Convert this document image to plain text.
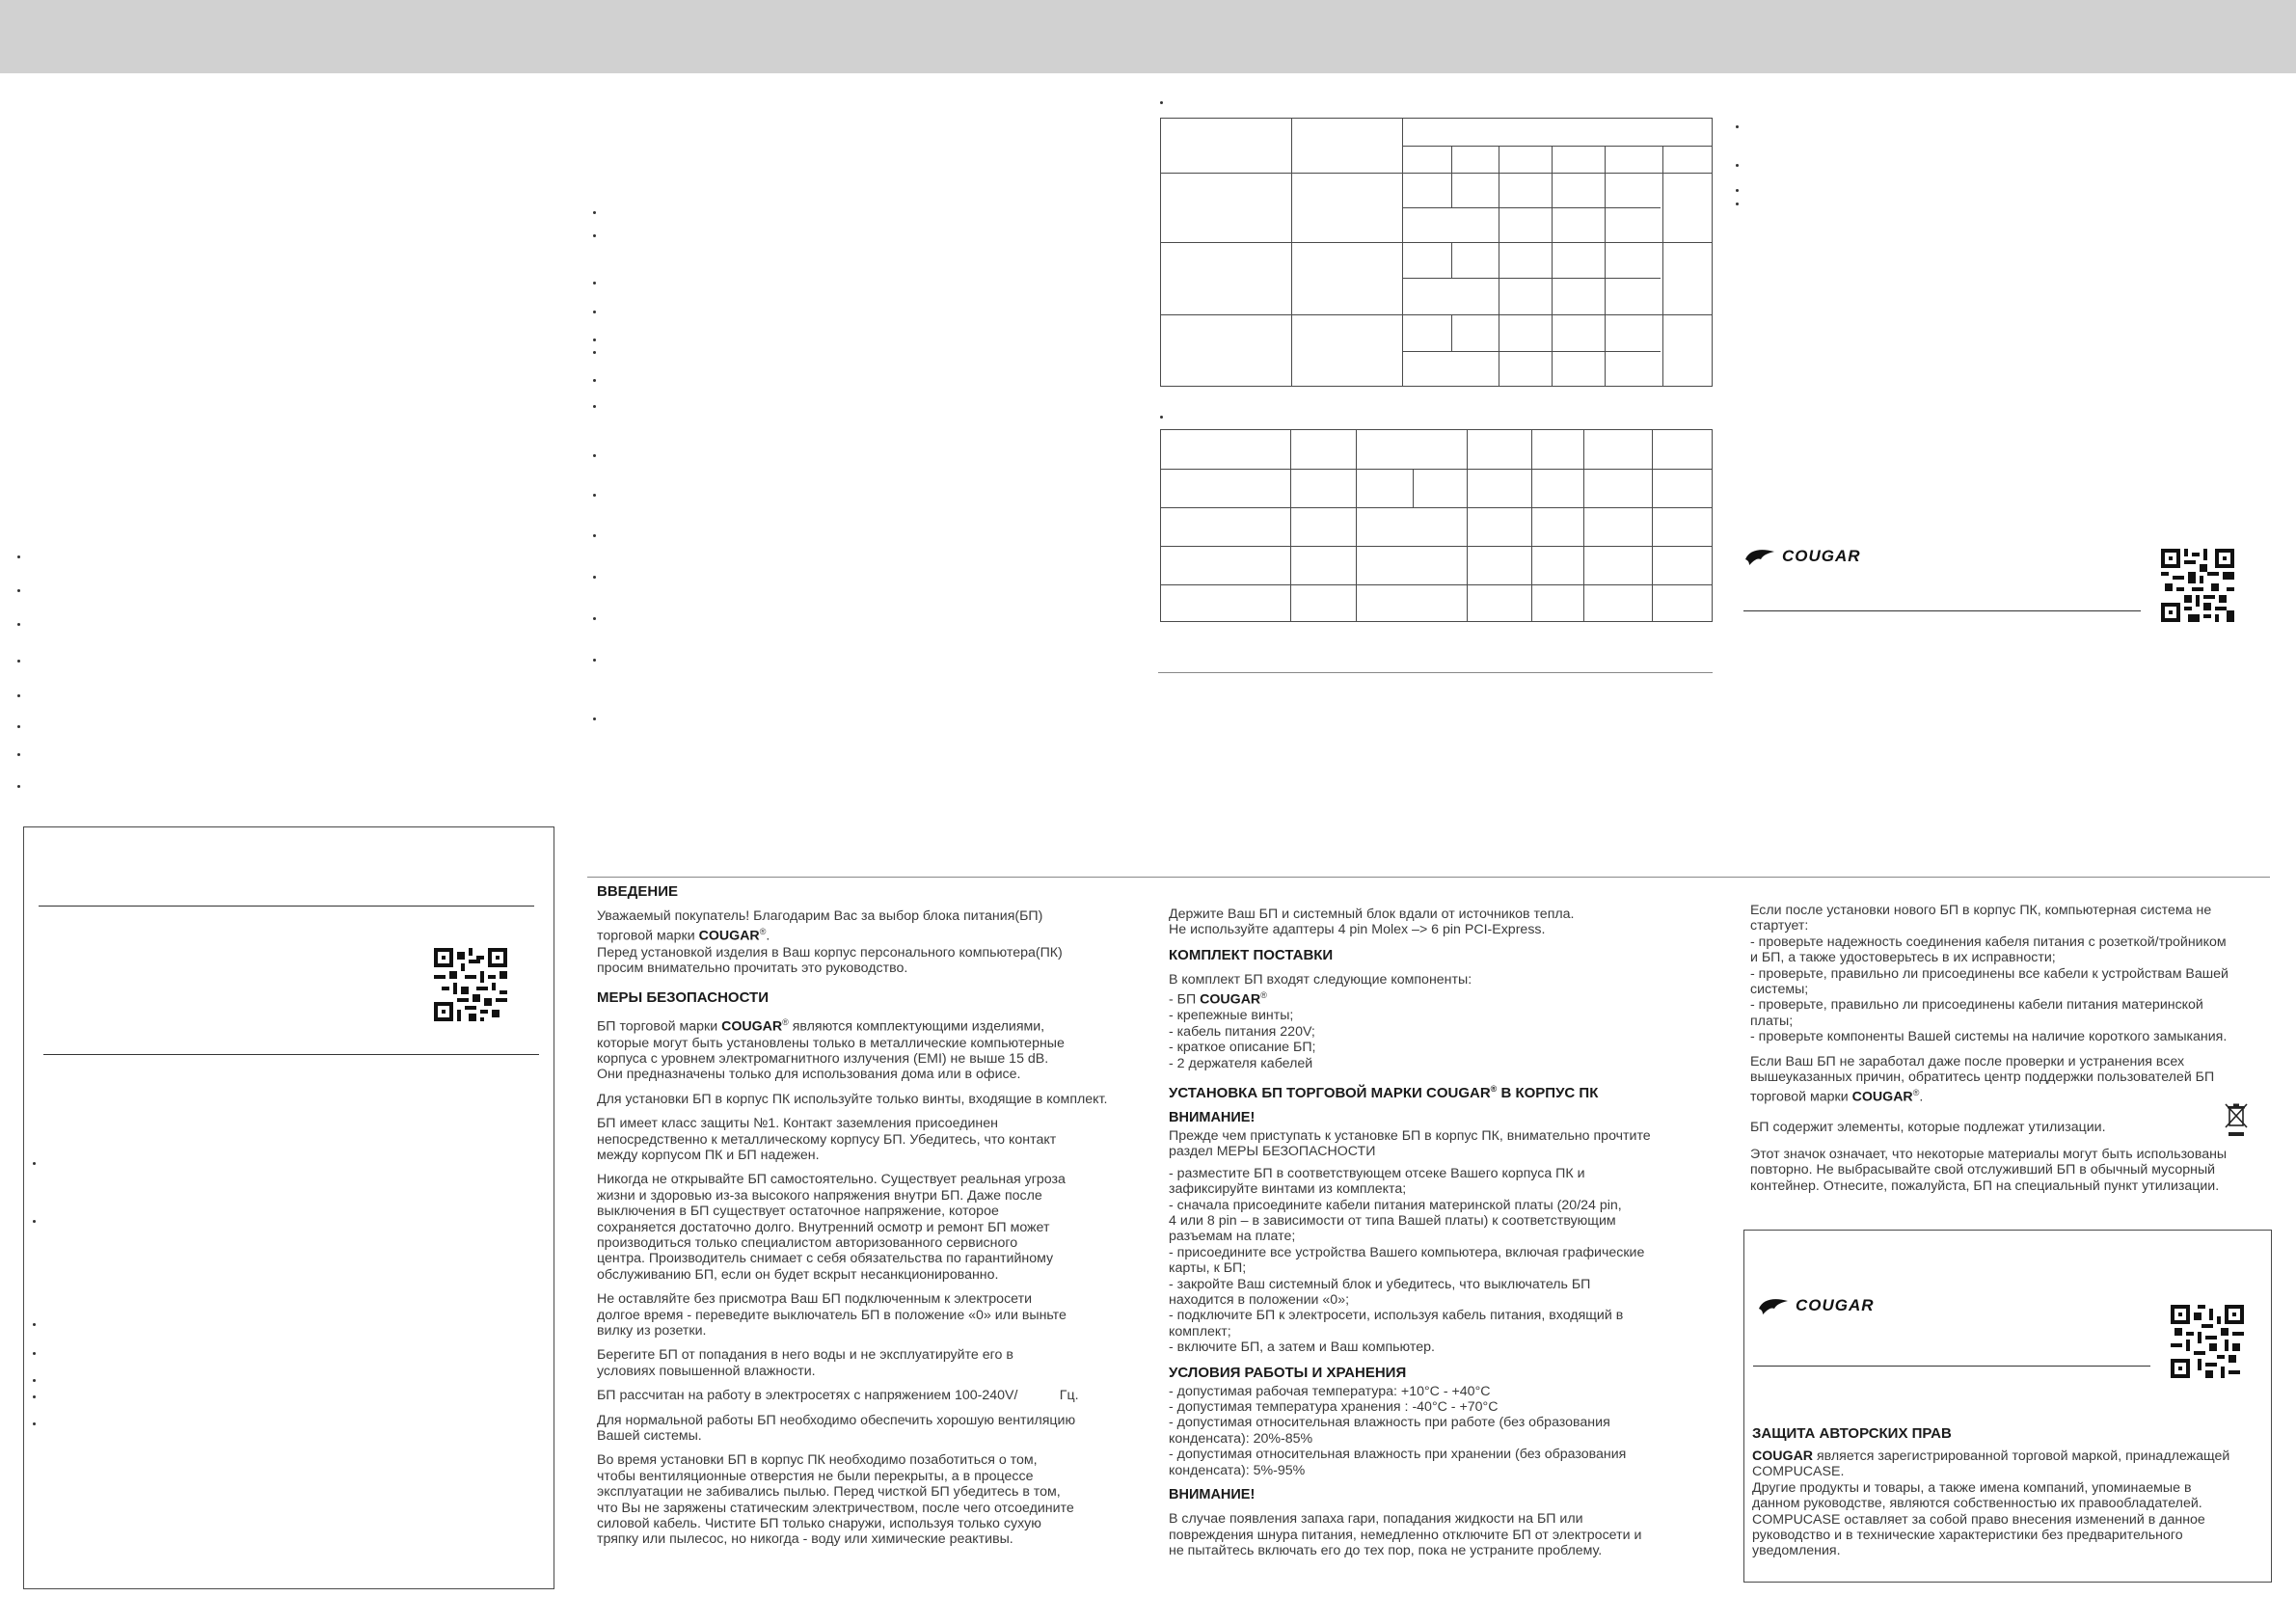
COUGAR
ВВЕДЕНИЕ

Уважаемый покупатель! Благодарим Вас за выбор блока питания(БП)
торговой марки COUGAR®.
Перед установкой изделия в Ваш корпус персонального компьютера(ПК)
просим внимательно прочитать это руководство.

МЕРЫ БЕЗОПАСНОСТИ

БП торговой марки COUGAR® являются комплектующими изделиями,
которые могут быть установлены только в металлические компьютерные
корпуса с уровнем электромагнитного излучения (EMI) не выше 15 dB.
Они предназначены только для использования дома или в офисе.

Для установки БП в корпус ПК используйте только винты, входящие в комплект.

БП имеет класс защиты №1. Контакт заземления присоединен
непосредственно к металлическому корпусу БП. Убедитесь, что контакт
между корпусом ПК и БП надежен.

Никогда не открывайте БП самостоятельно. Существует реальная угроза
жизни и здоровью из-за высокого напряжения внутри БП. Даже после
выключения в БП существует остаточное напряжение, которое
сохраняется достаточно долго. Внутренний осмотр и ремонт БП может
производиться только специалистом авторизованного сервисного
центра. Производитель снимает с себя обязательства по гарантийному
обслуживанию БП, если он будет вскрыт несанкционированно.

Не оставляйте без присмотра Ваш БП подключенным к электросети
долгое время - переведите выключатель БП в положение «0» или выньте
вилку из розетки.

Берегите БП от попадания в него воды и не эксплуатируйте его в
условиях повышенной влажности.

БП рассчитан на работу в электросетях с напряжением 100-240V/	Гц.

Для нормальной работы БП необходимо обеспечить хорошую вентиляцию
Вашей системы.

Во время установки БП в корпус ПК необходимо позаботиться о том,
чтобы вентиляционные отверстия не были перекрыты, а в процессе
эксплуатации не забивались пылью. Перед чисткой БП убедитесь в том,
что Вы не заряжены статическим электричеством, после чего отсоедините
силовой кабель. Чистите БП только снаружи, используя только сухую
тряпку или пылесос, но никогда - воду или химические реактивы.

Держите Ваш БП и системный блок вдали от источников тепла.
Не используйте адаптеры 4 pin Molex –> 6 pin PCI-Express.

КОМПЛЕКТ ПОСТАВКИ
В комплект БП входят следующие компоненты:
- БП COUGAR®
- крепежные винты;
- кабель питания 220V;
- краткое описание БП;
- 2 держателя кабелей
УСТАНОВКА БП ТОРГОВОЙ МАРКИ COUGAR® В КОРПУС ПК
ВНИМАНИЕ!

Прежде чем приступать к установке БП в корпус ПК, внимательно прочтите
раздел МЕРЫ БЕЗОПАСНОСТИ

- разместите БП в соответствующем отсеке Вашего корпуса ПК и
зафиксируйте винтами из комплекта;
- сначала присоедините кабели питания материнской платы (20/24 pin,
4 или 8 pin – в зависимости от типа Вашей платы) к соответствующим
разъемам на плате;
- присоедините все устройства Вашего компьютера, включая графические
карты, к БП;
- закройте Ваш системный блок и убедитесь, что выключатель БП
находится в положении «0»;
- подключите БП к электросети, используя кабель питания, входящий в
комплект;
- включите БП, а затем и Ваш компьютер.
УСЛОВИЯ РАБОТЫ И ХРАНЕНИЯ
- допустимая рабочая температура: +10°C - +40°C
- допустимая температура хранения : -40°C - +70°C
- допустимая относительная влажность при работе (без образования
конденсата): 20%-85%
- допустимая относительная влажность при хранении (без образования
конденсата): 5%-95%
ВНИМАНИЕ!

В случае появления запаха гари, попадания жидкости на БП или
повреждения шнура питания, немедленно отключите БП от электросети и
не пытайтесь включать его до тех пор, пока не устраните проблему.

Если после установки нового БП в корпус ПК, компьютерная система не
стартует:

- проверьте надежность соединения кабеля питания с розеткой/тройником
и БП, а также удостоверьтесь в их исправности;
- проверьте, правильно ли присоединены все кабели к устройствам Вашей
системы;
- проверьте, правильно ли присоединены кабели питания материнской
платы;
- проверьте компоненты Вашей системы на наличие короткого замыкания.

Если Ваш БП не заработал даже после проверки и устранения всех
вышеуказанных причин, обратитесь центр поддержки пользователей БП
торговой марки COUGAR®.

БП содержит элементы, которые подлежат утилизации.

Этот значок означает, что некоторые материалы могут быть использованы
повторно. Не выбрасывайте свой отслуживший БП в обычный мусорный
контейнер. Отнесите, пожалуйста, БП на специальный пункт утилизации.

COUGAR
ЗАЩИТА АВТОРСКИХ ПРАВ

COUGAR является зарегистрированной торговой маркой, принадлежащей
COMPUCASE.

Другие продукты и товары, а также имена компаний, упоминаемые в
данном руководстве, являются собственностью их правообладателей.
COMPUCASE оставляет за собой право внесения изменений в данное
руководство и в технические характеристики без предварительного
уведомления.
